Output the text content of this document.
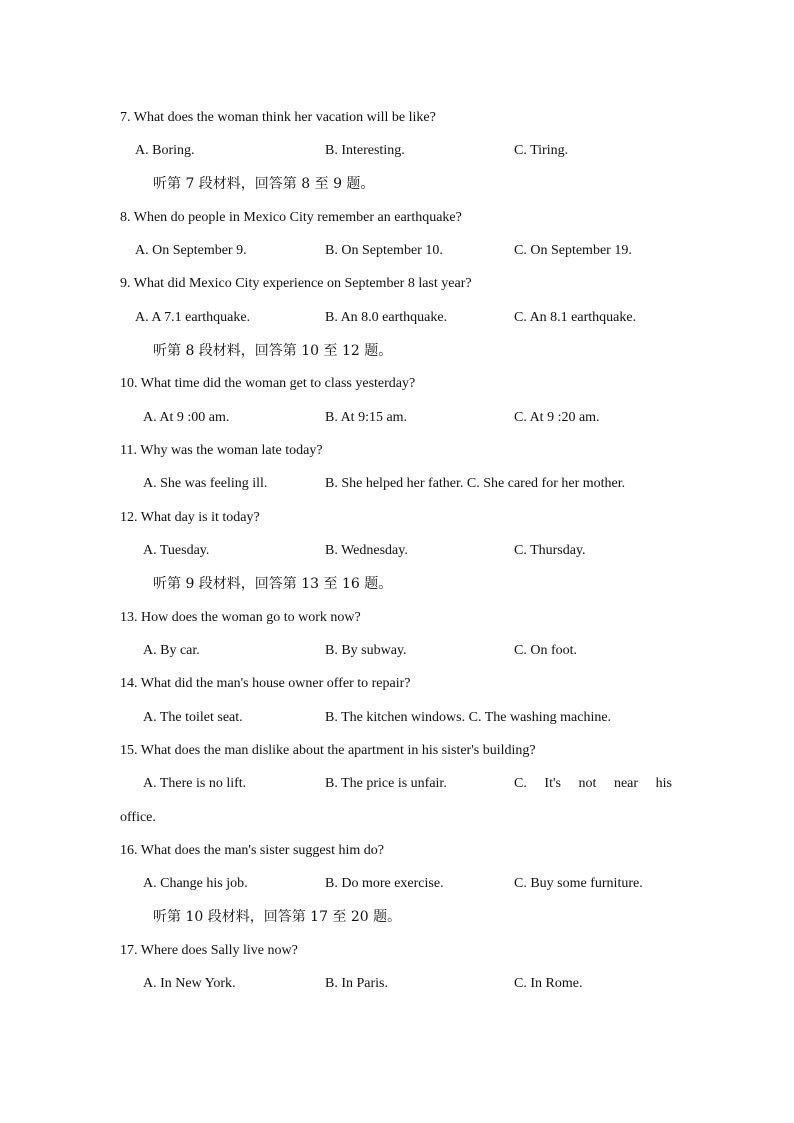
7. What does the woman think her vacation will be like?
A. Boring.	B. Interesting.	C. Tiring.
听第 7 段材料，回答第 8 至 9 题。
8. When do people in Mexico City remember an earthquake?
A. On September 9.	B. On September 10.	C. On September 19.
9. What did Mexico City experience on September 8 last year?
A. A 7.1 earthquake.	B. An 8.0 earthquake.	C. An 8.1 earthquake.
听第 8 段材料，回答第 10 至 12 题。
10. What time did the woman get to class yesterday?
A. At 9 :00 am.	B. At 9:15 am.	C. At 9 :20 am.
11. Why was the woman late today?
A. She was feeling ill.	B. She helped her father. C. She cared for her mother.
12. What day is it today?
A. Tuesday.	B. Wednesday.	C. Thursday.
听第 9 段材料，回答第 13 至 16 题。
13. How does the woman go to work now?
A. By car.	B. By subway.	C. On foot.
14. What did the man's house owner offer to repair?
A. The toilet seat.	B. The kitchen windows. C. The washing machine.
15. What does the man dislike about the apartment in his sister's building?
A. There is no lift.	B. The price is unfair.	C. It's not near his
office.
16. What does the man's sister suggest him do?
A. Change his job.	B. Do more exercise.	C. Buy some furniture.
听第 10 段材料，回答第 17 至 20 题。
17. Where does Sally live now?
A. In New York.	B. In Paris.	C. In Rome.
